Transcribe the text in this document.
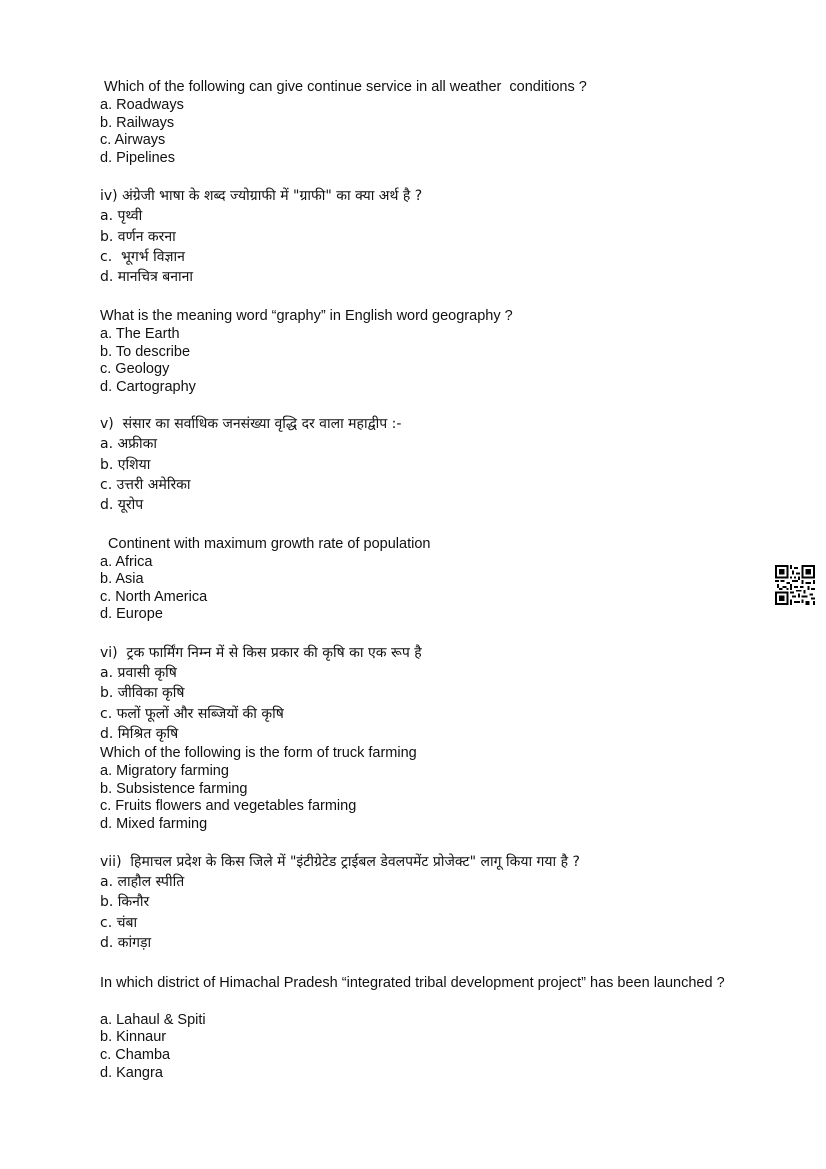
Which of the following can give continue service in all weather  conditions ?
a. Roadways
b. Railways
c. Airways
d. Pipelines
iv) अंग्रेजी भाषा के शब्द ज्योग्राफी में "ग्राफी" का क्या अर्थ है ?
a. पृथ्वी
b. वर्णन करना
c.  भूगर्भ विज्ञान
d. मानचित्र बनाना
What is the meaning word “graphy” in English word geography ?
a. The Earth
b. To describe
c. Geology
d. Cartography
v)  संसार का सर्वाधिक जनसंख्या वृद्धि दर वाला महाद्वीप :-
a. अफ्रीका
b. एशिया
c. उत्तरी अमेरिका
d. यूरोप
Continent with maximum growth rate of population
a. Africa
b. Asia
c. North America
d. Europe
vi)  ट्रक फार्मिंग निम्न में से किस प्रकार की कृषि का एक रूप है
a. प्रवासी कृषि
b. जीविका कृषि
c. फलों फूलों और सब्जियों की कृषि
d. मिश्रित कृषि
Which of the following is the form of truck farming
a. Migratory farming
b. Subsistence farming
c. Fruits flowers and vegetables farming
d. Mixed farming
vii)  हिमाचल प्रदेश के किस जिले में "इंटीग्रेटेड ट्राईबल डेवलपमेंट प्रोजेक्ट" लागू किया गया है ?
a. लाहौल स्पीति
b. किनौर
c. चंबा
d. कांगड़ा
In which district of Himachal Pradesh “integrated tribal development project” has been launched ?
a. Lahaul & Spiti
b. Kinnaur
c. Chamba
d. Kangra
